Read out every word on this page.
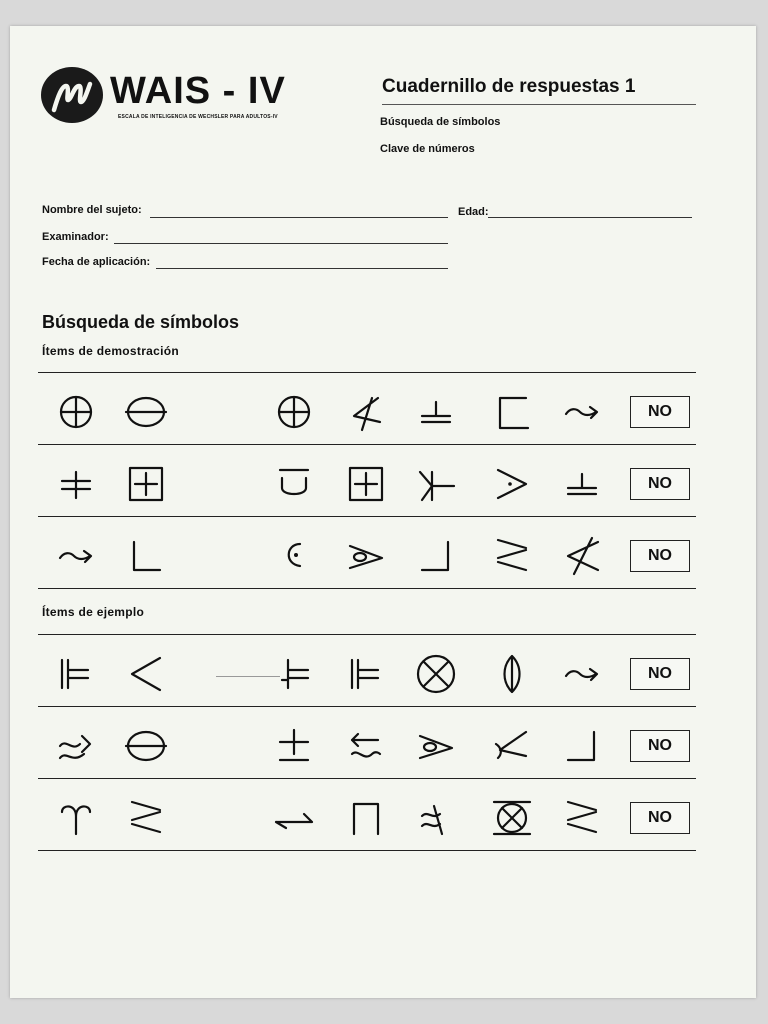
WAIS - IV
ESCALA DE INTELIGENCIA DE WECHSLER PARA ADULTOS-IV
Cuadernillo de respuestas 1
Búsqueda de símbolos
Clave de números
Nombre del sujeto:	Edad:
Examinador:
Fecha de aplicación:
Búsqueda de símbolos
Ítems de demostración
Ítems de ejemplo
NO
NO
NO
NO
NO
NO
